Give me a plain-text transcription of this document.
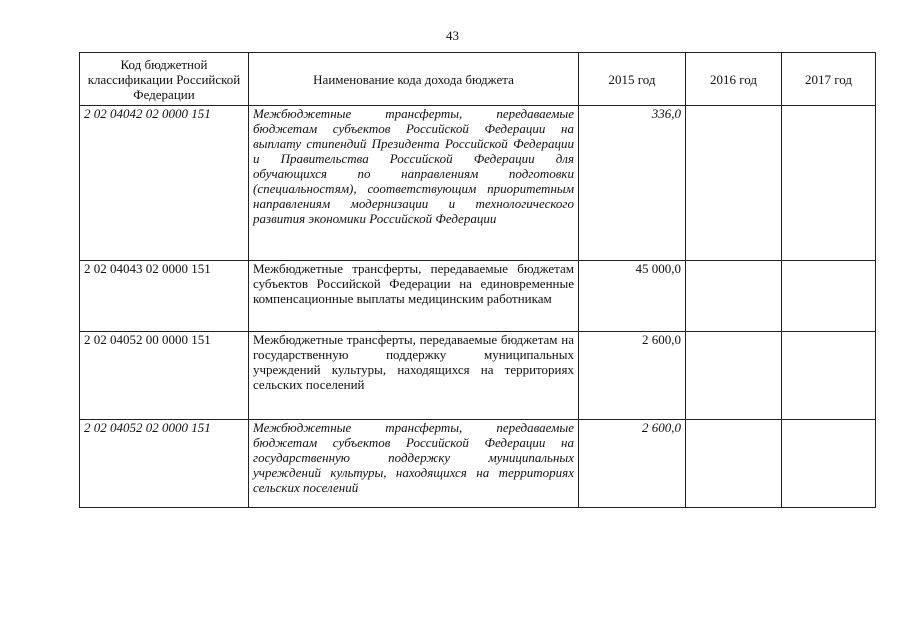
43
Код бюджетной классификации Российской Федерации	Наименование кода дохода бюджета	2015 год	2016 год	2017 год
2 02 04042 02 0000 151	Межбюджетные трансферты, передаваемые бюджетам субъектов Российской Федерации на выплату стипендий Президента Российской Федерации и Правительства Российской Федерации для обучающихся по направлениям подготовки (специальностям), соответствующим приоритетным направлениям модернизации и технологического развития экономики Российской Федерации	336,0		
2 02 04043 02 0000 151	Межбюджетные трансферты, передаваемые бюджетам субъектов Российской Федерации на единовременные компенсационные выплаты медицинским работникам	45 000,0		
2 02 04052 00 0000 151	Межбюджетные трансферты, передаваемые бюджетам на государственную поддержку муниципальных учреждений культуры, находящихся на территориях сельских поселений	2 600,0		
2 02 04052 02 0000 151	Межбюджетные трансферты, передаваемые бюджетам субъектов Российской Федерации на государственную поддержку муниципальных учреждений культуры, находящихся на территориях сельских поселений	2 600,0		
